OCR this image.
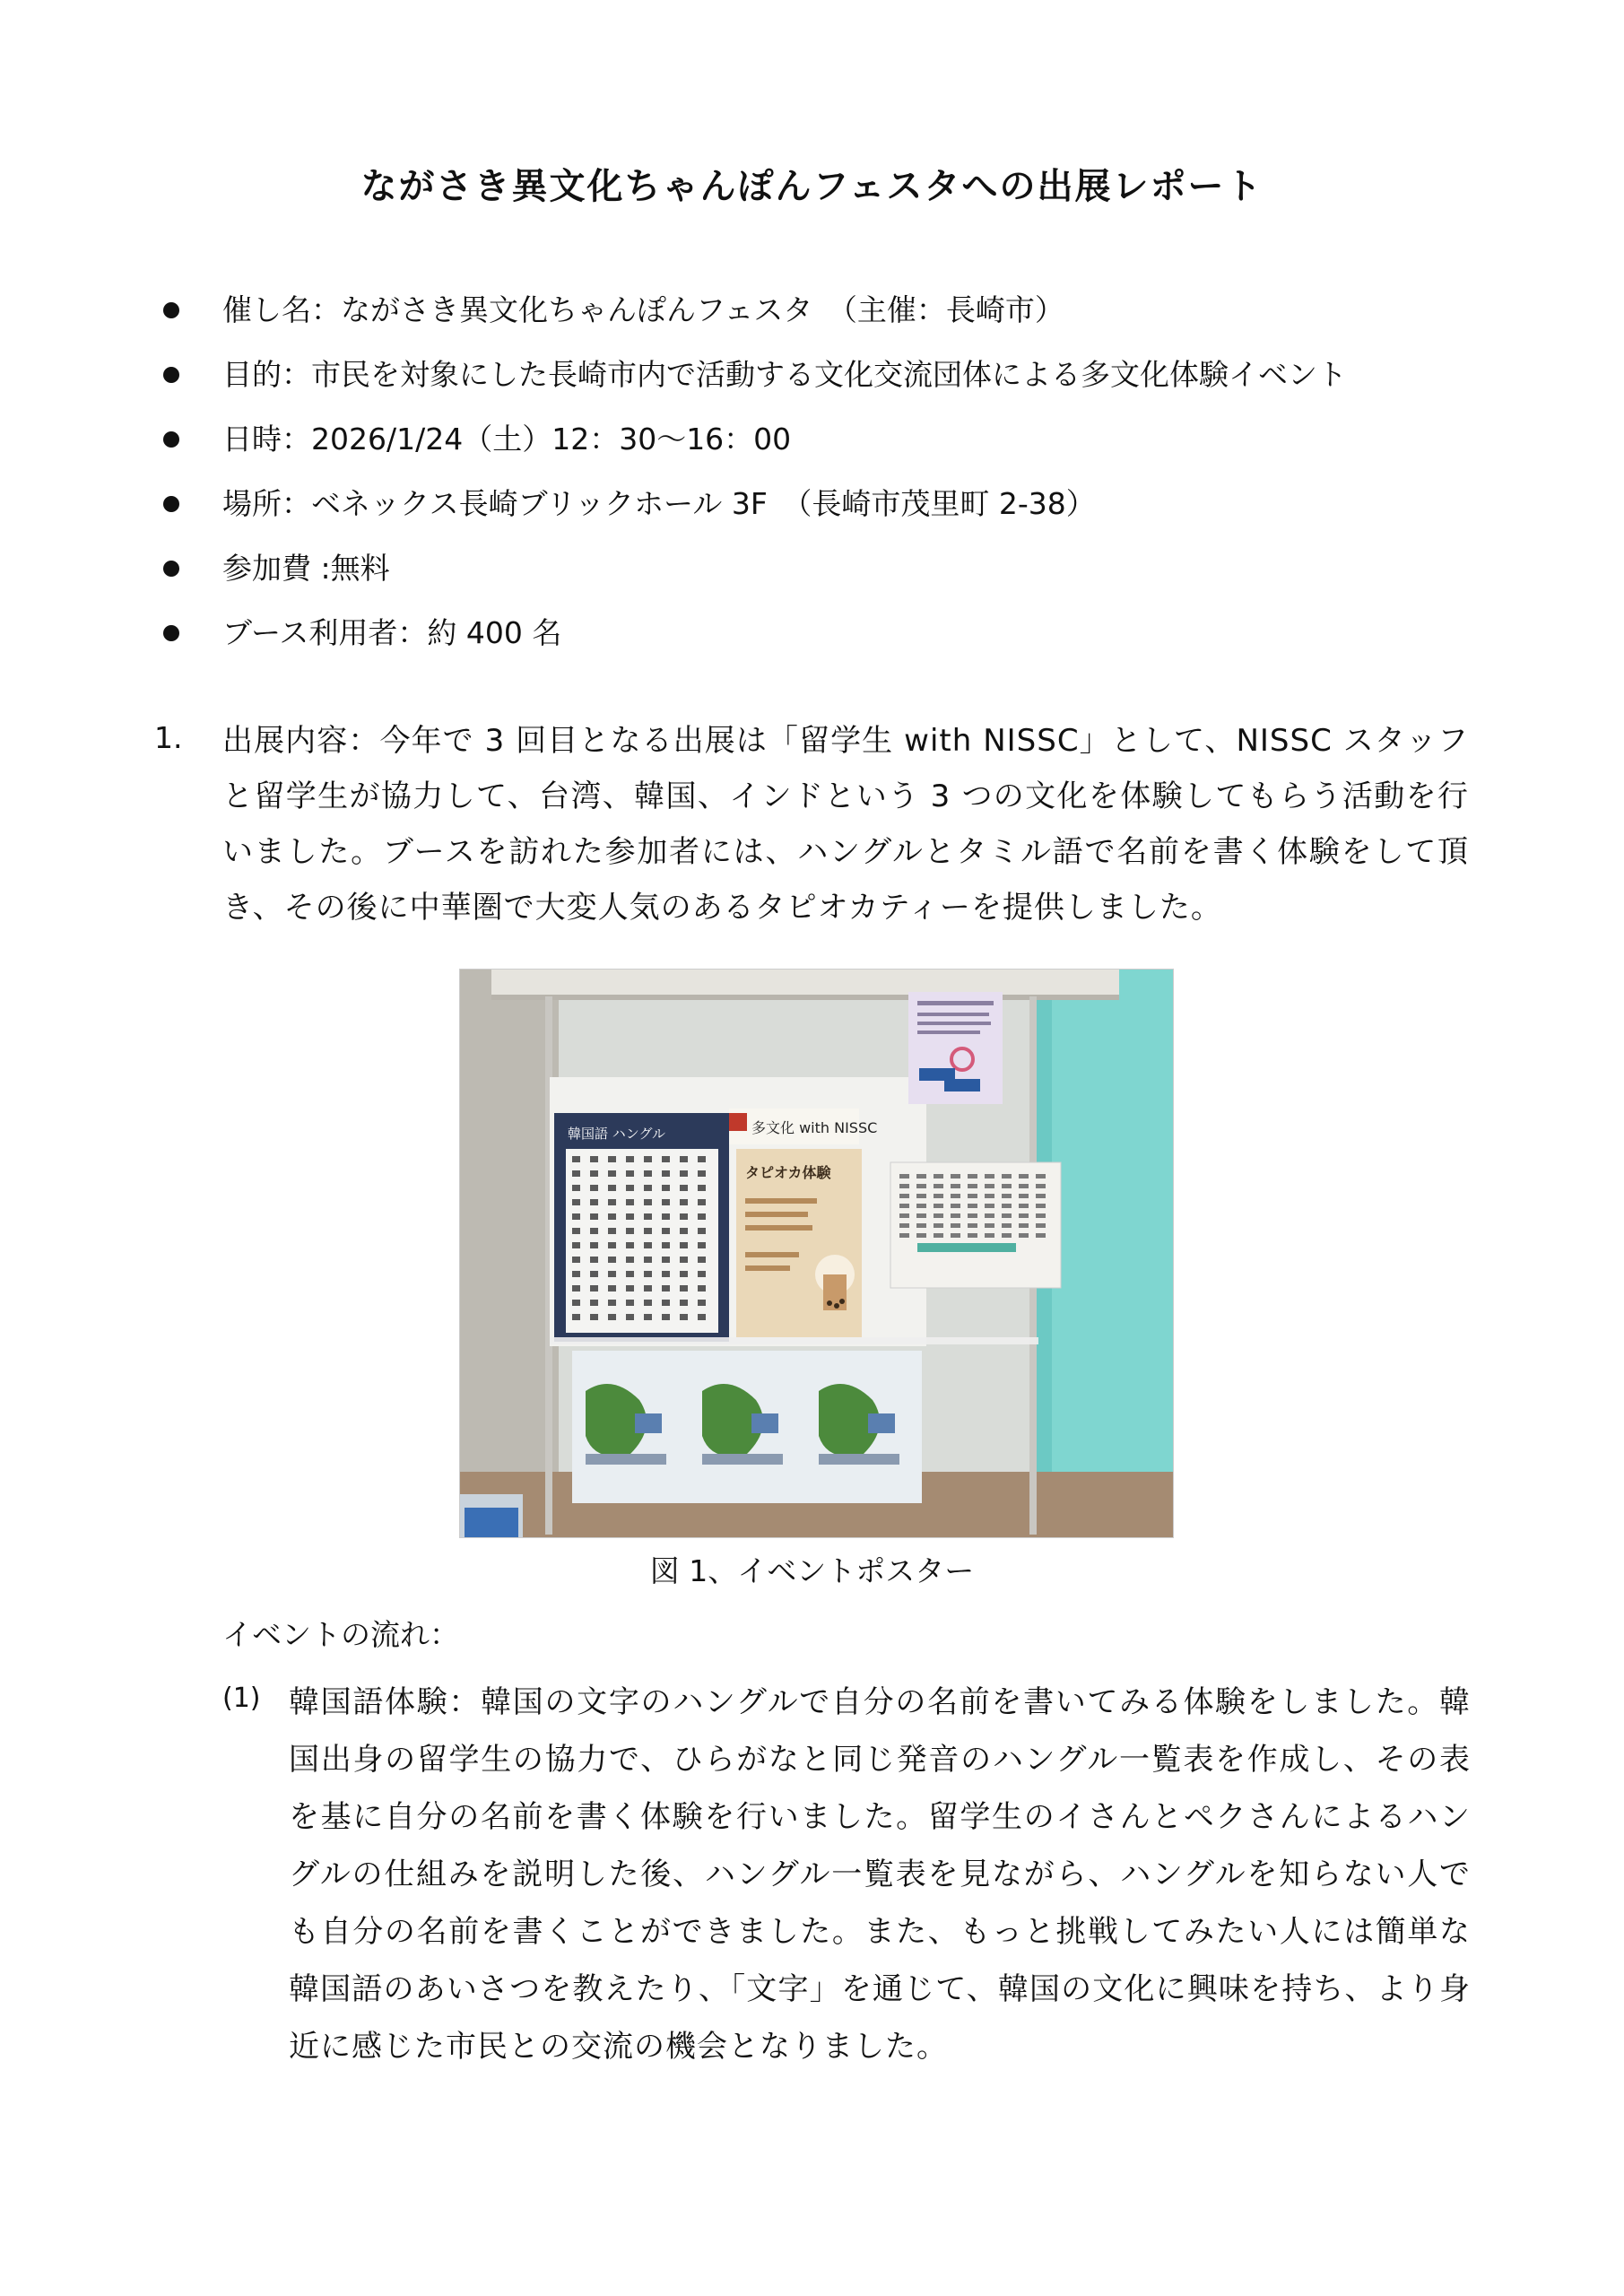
ながさき異文化ちゃんぽんフェスタへの出展レポート
催し名：ながさき異文化ちゃんぽんフェスタ　（主催：長崎市）
目的：市民を対象にした長崎市内で活動する文化交流団体による多文化体験イベント
日時：2026/1/24（土）12：30〜16：00
場所：ベネックス長崎ブリックホール 3F　（長崎市茂里町 2-38）
参加費 :無料
ブース利用者：約 400 名
1. 出展内容：今年で 3 回目となる出展は「留学生 with NISSC」として、NISSC スタッフと留学生が協力して、台湾、韓国、インドという 3 つの文化を体験してもらう活動を行いました。ブースを訪れた参加者には、ハングルとタミル語で名前を書く体験をして頂き、その後に中華圏で大変人気のあるタピオカティーを提供しました。
韓国語 ハングル	多文化 with NISSC
タピオカ体験
図 1、イベントポスター
イベントの流れ：
(1) 韓国語体験：韓国の文字のハングルで自分の名前を書いてみる体験をしました。韓国出身の留学生の協力で、ひらがなと同じ発音のハングル一覧表を作成し、その表を基に自分の名前を書く体験を行いました。留学生のイさんとペクさんによるハングルの仕組みを説明した後、ハングル一覧表を見ながら、ハングルを知らない人でも自分の名前を書くことができました。また、もっと挑戦してみたい人には簡単な韓国語のあいさつを教えたり、「文字」を通じて、韓国の文化に興味を持ち、より身近に感じた市民との交流の機会となりました。
